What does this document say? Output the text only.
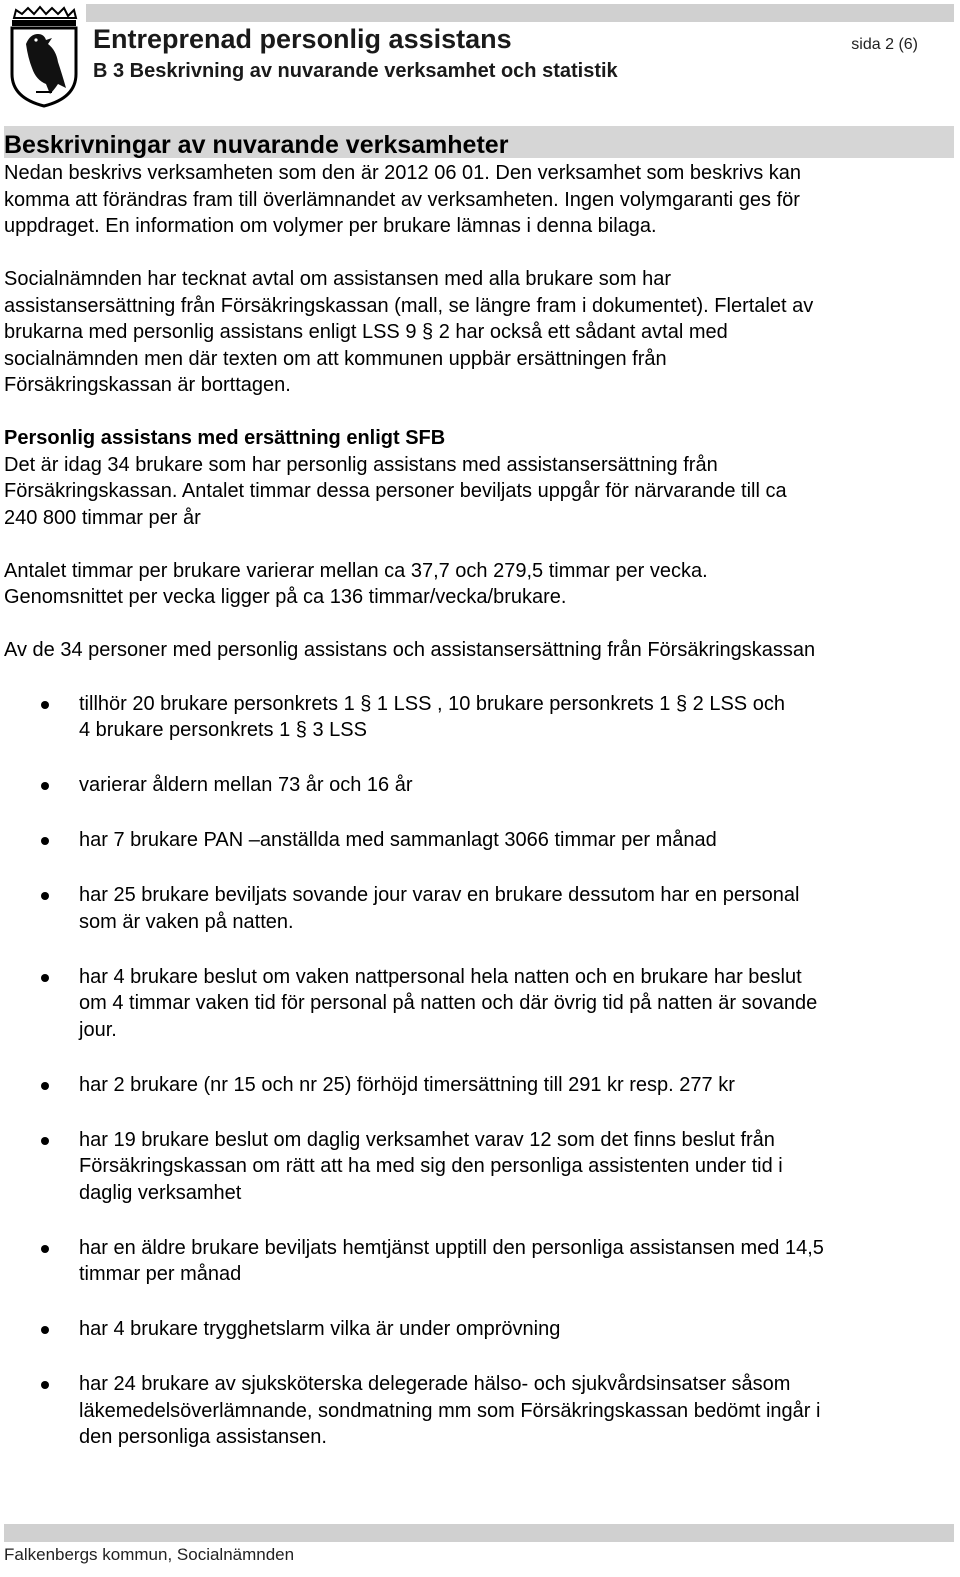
Entreprenad personlig assistans
B 3 Beskrivning av nuvarande verksamhet och statistik
sida 2 (6)
Beskrivningar av nuvarande verksamheter

Nedan beskrivs verksamheten som den är 2012 06 01. Den verksamhet som beskrivs kan

komma att förändras fram till överlämnandet av verksamheten. Ingen volymgaranti ges för

uppdraget. En information om volymer per brukare lämnas i denna bilaga.

Socialnämnden har tecknat avtal om assistansen med alla brukare som har

assistansersättning från Försäkringskassan (mall, se längre fram i dokumentet). Flertalet av

brukarna med personlig assistans enligt LSS 9 § 2 har också ett sådant avtal med

socialnämnden men där texten om att kommunen uppbär ersättningen från

Försäkringskassan är borttagen.

Personlig assistans med ersättning enligt SFB

Det är idag 34 brukare som har personlig assistans med assistansersättning från

Försäkringskassan. Antalet timmar dessa personer beviljats uppgår för närvarande till ca

240 800 timmar per år

Antalet timmar per brukare varierar mellan ca 37,7 och 279,5 timmar per vecka.

Genomsnittet per vecka ligger på ca 136 timmar/vecka/brukare.

Av de 34 personer med personlig assistans och assistansersättning från Försäkringskassan

tillhör 20 brukare personkrets 1 § 1 LSS , 10 brukare personkrets 1 § 2 LSS och
4 brukare personkrets 1 § 3 LSS
varierar åldern mellan 73 år och 16 år
har 7 brukare PAN –anställda med sammanlagt 3066 timmar per månad
har 25 brukare beviljats sovande jour varav en brukare dessutom har en personal
som är vaken på natten.
har 4 brukare beslut om vaken nattpersonal hela natten och en brukare har beslut
om 4 timmar vaken tid för personal på natten och där övrig tid på natten är sovande
jour.
har 2 brukare (nr 15 och nr 25) förhöjd timersättning till 291 kr resp. 277 kr
har 19 brukare beslut om daglig verksamhet varav 12 som det finns beslut från
Försäkringskassan om rätt att ha med sig den personliga assistenten under tid i
daglig verksamhet
har en äldre brukare beviljats hemtjänst upptill den personliga assistansen med 14,5
timmar per månad
har 4 brukare trygghetslarm vilka är under omprövning
har 24 brukare av sjuksköterska delegerade hälso- och sjukvårdsinsatser såsom
läkemedelsöverlämnande, sondmatning mm som Försäkringskassan bedömt ingår i
den personliga assistansen.
Falkenbergs kommun, Socialnämnden
